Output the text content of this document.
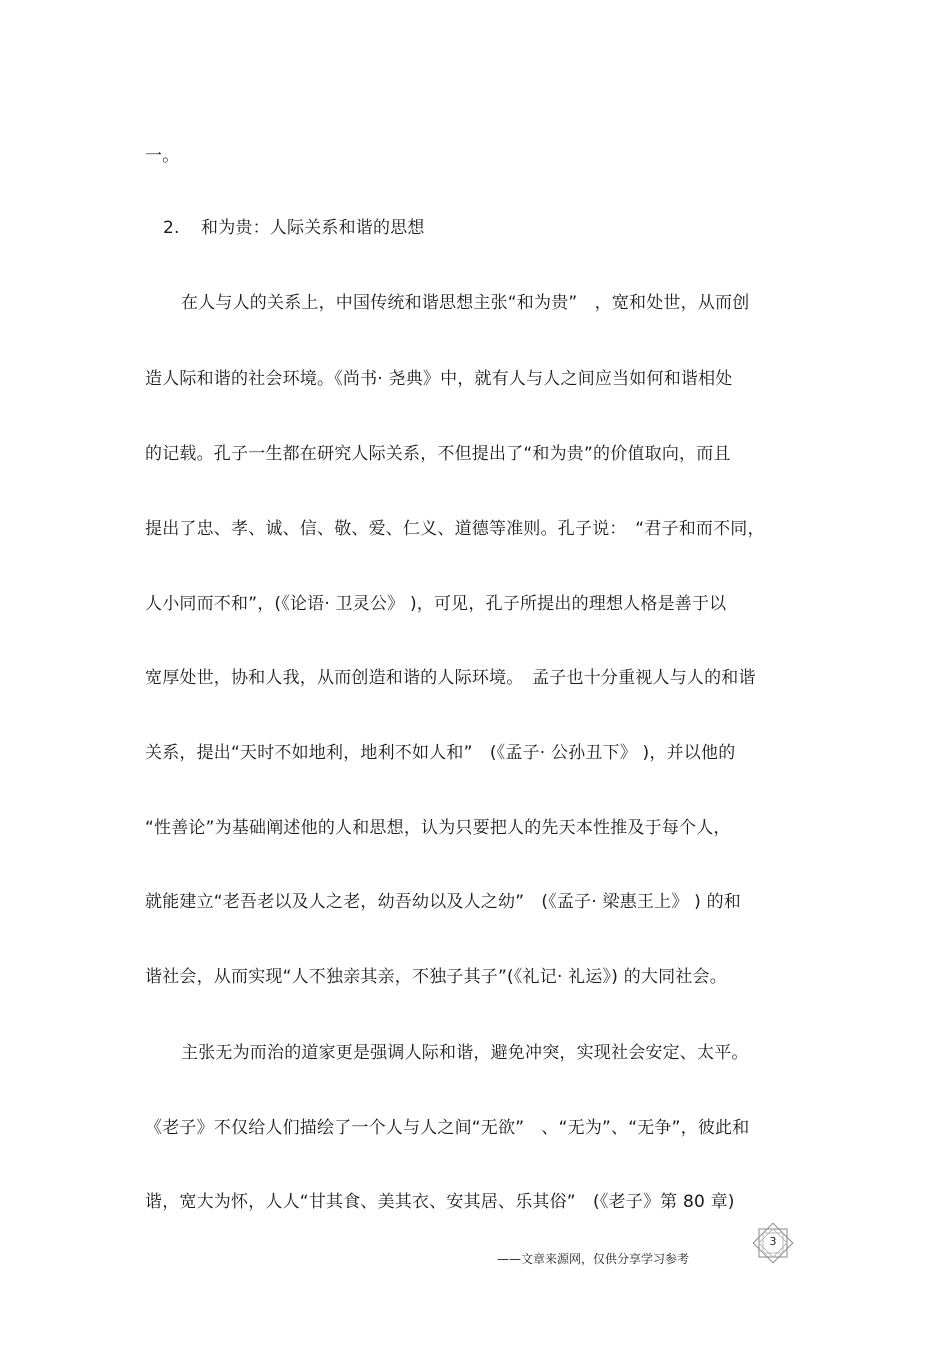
一。
2. 和为贵：人际关系和谐的思想
在人与人的关系上，中国传统和谐思想主张“和为贵”　，宽和处世，从而创
造人际和谐的社会环境。《尚书· 尧典》中，就有人与人之间应当如何和谐相处
的记载。孔子一生都在研究人际关系，不但提出了“和为贵”的价值取向，而且
提出了忠、孝、诚、信、敬、爱、仁义、道德等准则。孔子说：　“君子和而不同，
人小同而不和”，(《论语· 卫灵公》 )，可见，孔子所提出的理想人格是善于以
宽厚处世，协和人我，从而创造和谐的人际环境。　孟子也十分重视人与人的和谐
关系，提出“天时不如地利，地利不如人和”　(《孟子· 公孙丑下》 )，并以他的
“性善论”为基础阐述他的人和思想，认为只要把人的先天本性推及于每个人，
就能建立“老吾老以及人之老，幼吾幼以及人之幼”　(《孟子· 梁惠王上》 ) 的和
谐社会，从而实现“人不独亲其亲，不独子其子”(《礼记· 礼运》) 的大同社会。
主张无为而治的道家更是强调人际和谐，避免冲突，实现社会安定、太平。
《老子》不仅给人们描绘了一个人与人之间“无欲”　、“无为”、“无争”，彼此和
谐，宽大为怀，人人“甘其食、美其衣、安其居、乐其俗”　(《老子》第 80 章)
3
——文章来源网，仅供分享学习参考
